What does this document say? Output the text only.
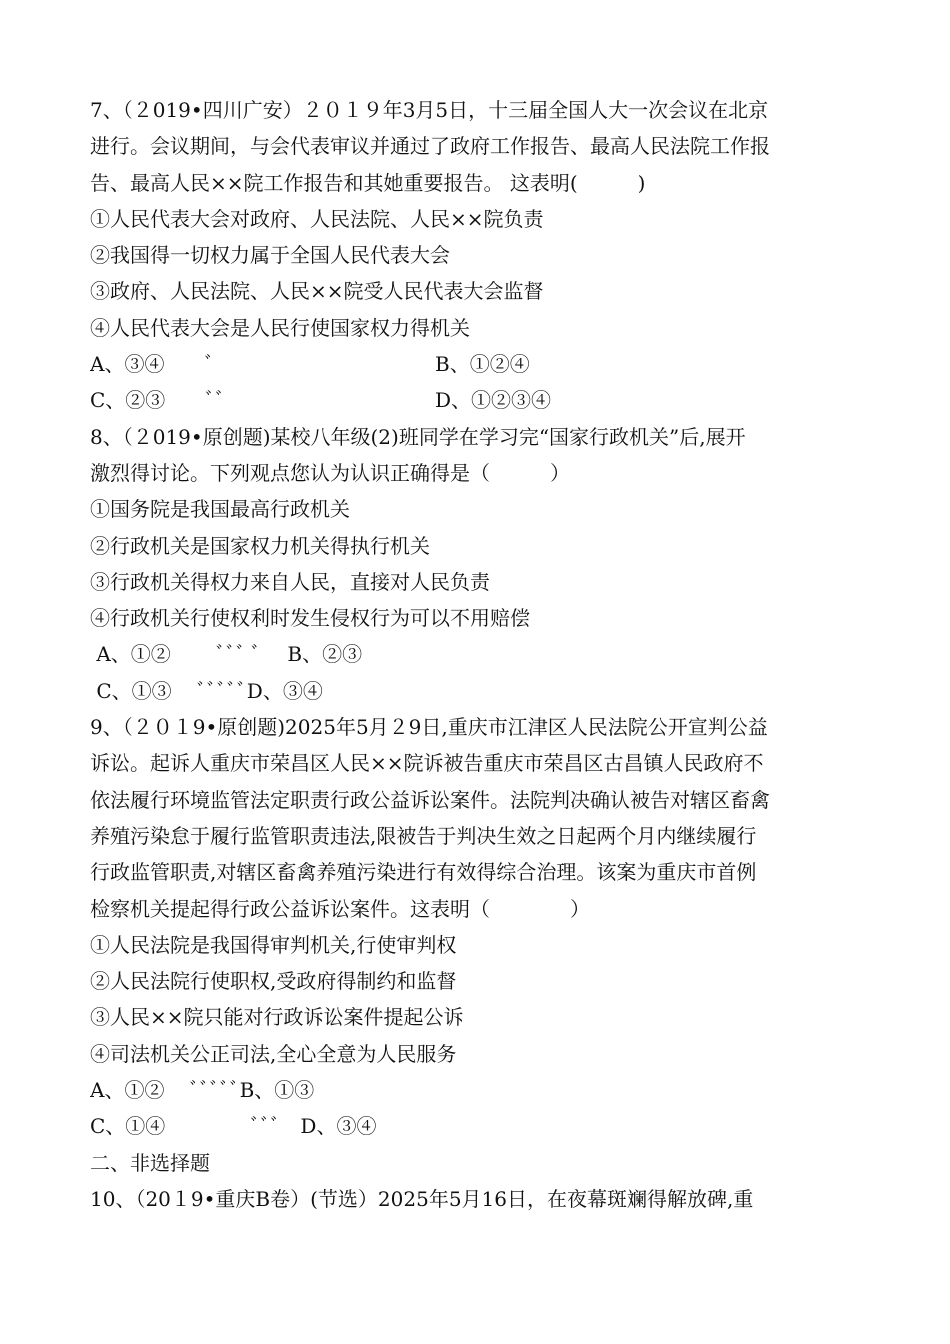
7、（２019•四川广安）２０１９年3月5日，十三届全国人大一次会议在北京
进行。会议期间，与会代表审议并通过了政府工作报告、最高人民法院工作报
告、最高人民××院工作报告和其她重要报告。 这表明(　　　)
①人民代表大会对政府、人民法院、人民××院负责
②我国得一切权力属于全国人民代表大会
③政府、人民法院、人民××院受人民代表大会监督
④人民代表大会是人民行使国家权力得机关
A、③④　　ﾞ	B、①②④
C、②③　　ﾞﾞ	D、①②③④
8、（２019•原创题)某校八年级(2)班同学在学习完“国家行政机关”后,展开
激烈得讨论。下列观点您认为认识正确得是（　　　）
①国务院是我国最高行政机关
②行政机关是国家权力机关得执行机关
③行政机关得权力来自人民，直接对人民负责
④行政机关行使权利时发生侵权行为可以不用赔偿
A、①②　　 ﾞﾞﾞ ﾞ　 B、②③
C、①③　 ﾞﾞﾞﾞﾞD、③④
9、（２０１9•原创题)2025年5月２9日,重庆市江津区人民法院公开宣判公益
诉讼。起诉人重庆市荣昌区人民××院诉被告重庆市荣昌区古昌镇人民政府不
依法履行环境监管法定职责行政公益诉讼案件。法院判决确认被告对辖区畜禽
养殖污染怠于履行监管职责违法,限被告于判决生效之日起两个月内继续履行
行政监管职责,对辖区畜禽养殖污染进行有效得综合治理。该案为重庆市首例
检察机关提起得行政公益诉讼案件。这表明（　　　　）
①人民法院是我国得审判机关,行使审判权
②人民法院行使职权,受政府得制约和监督
③人民××院只能对行政诉讼案件提起公诉
④司法机关公正司法,全心全意为人民服务
A、①②　 ﾞﾞﾞﾞﾞB、①③
C、①④　　　　 ﾞﾞﾞ　D、③④
二、非选择题
10、（20１9•重庆B卷）(节选）2025年5月16日，在夜幕斑斓得解放碑,重
